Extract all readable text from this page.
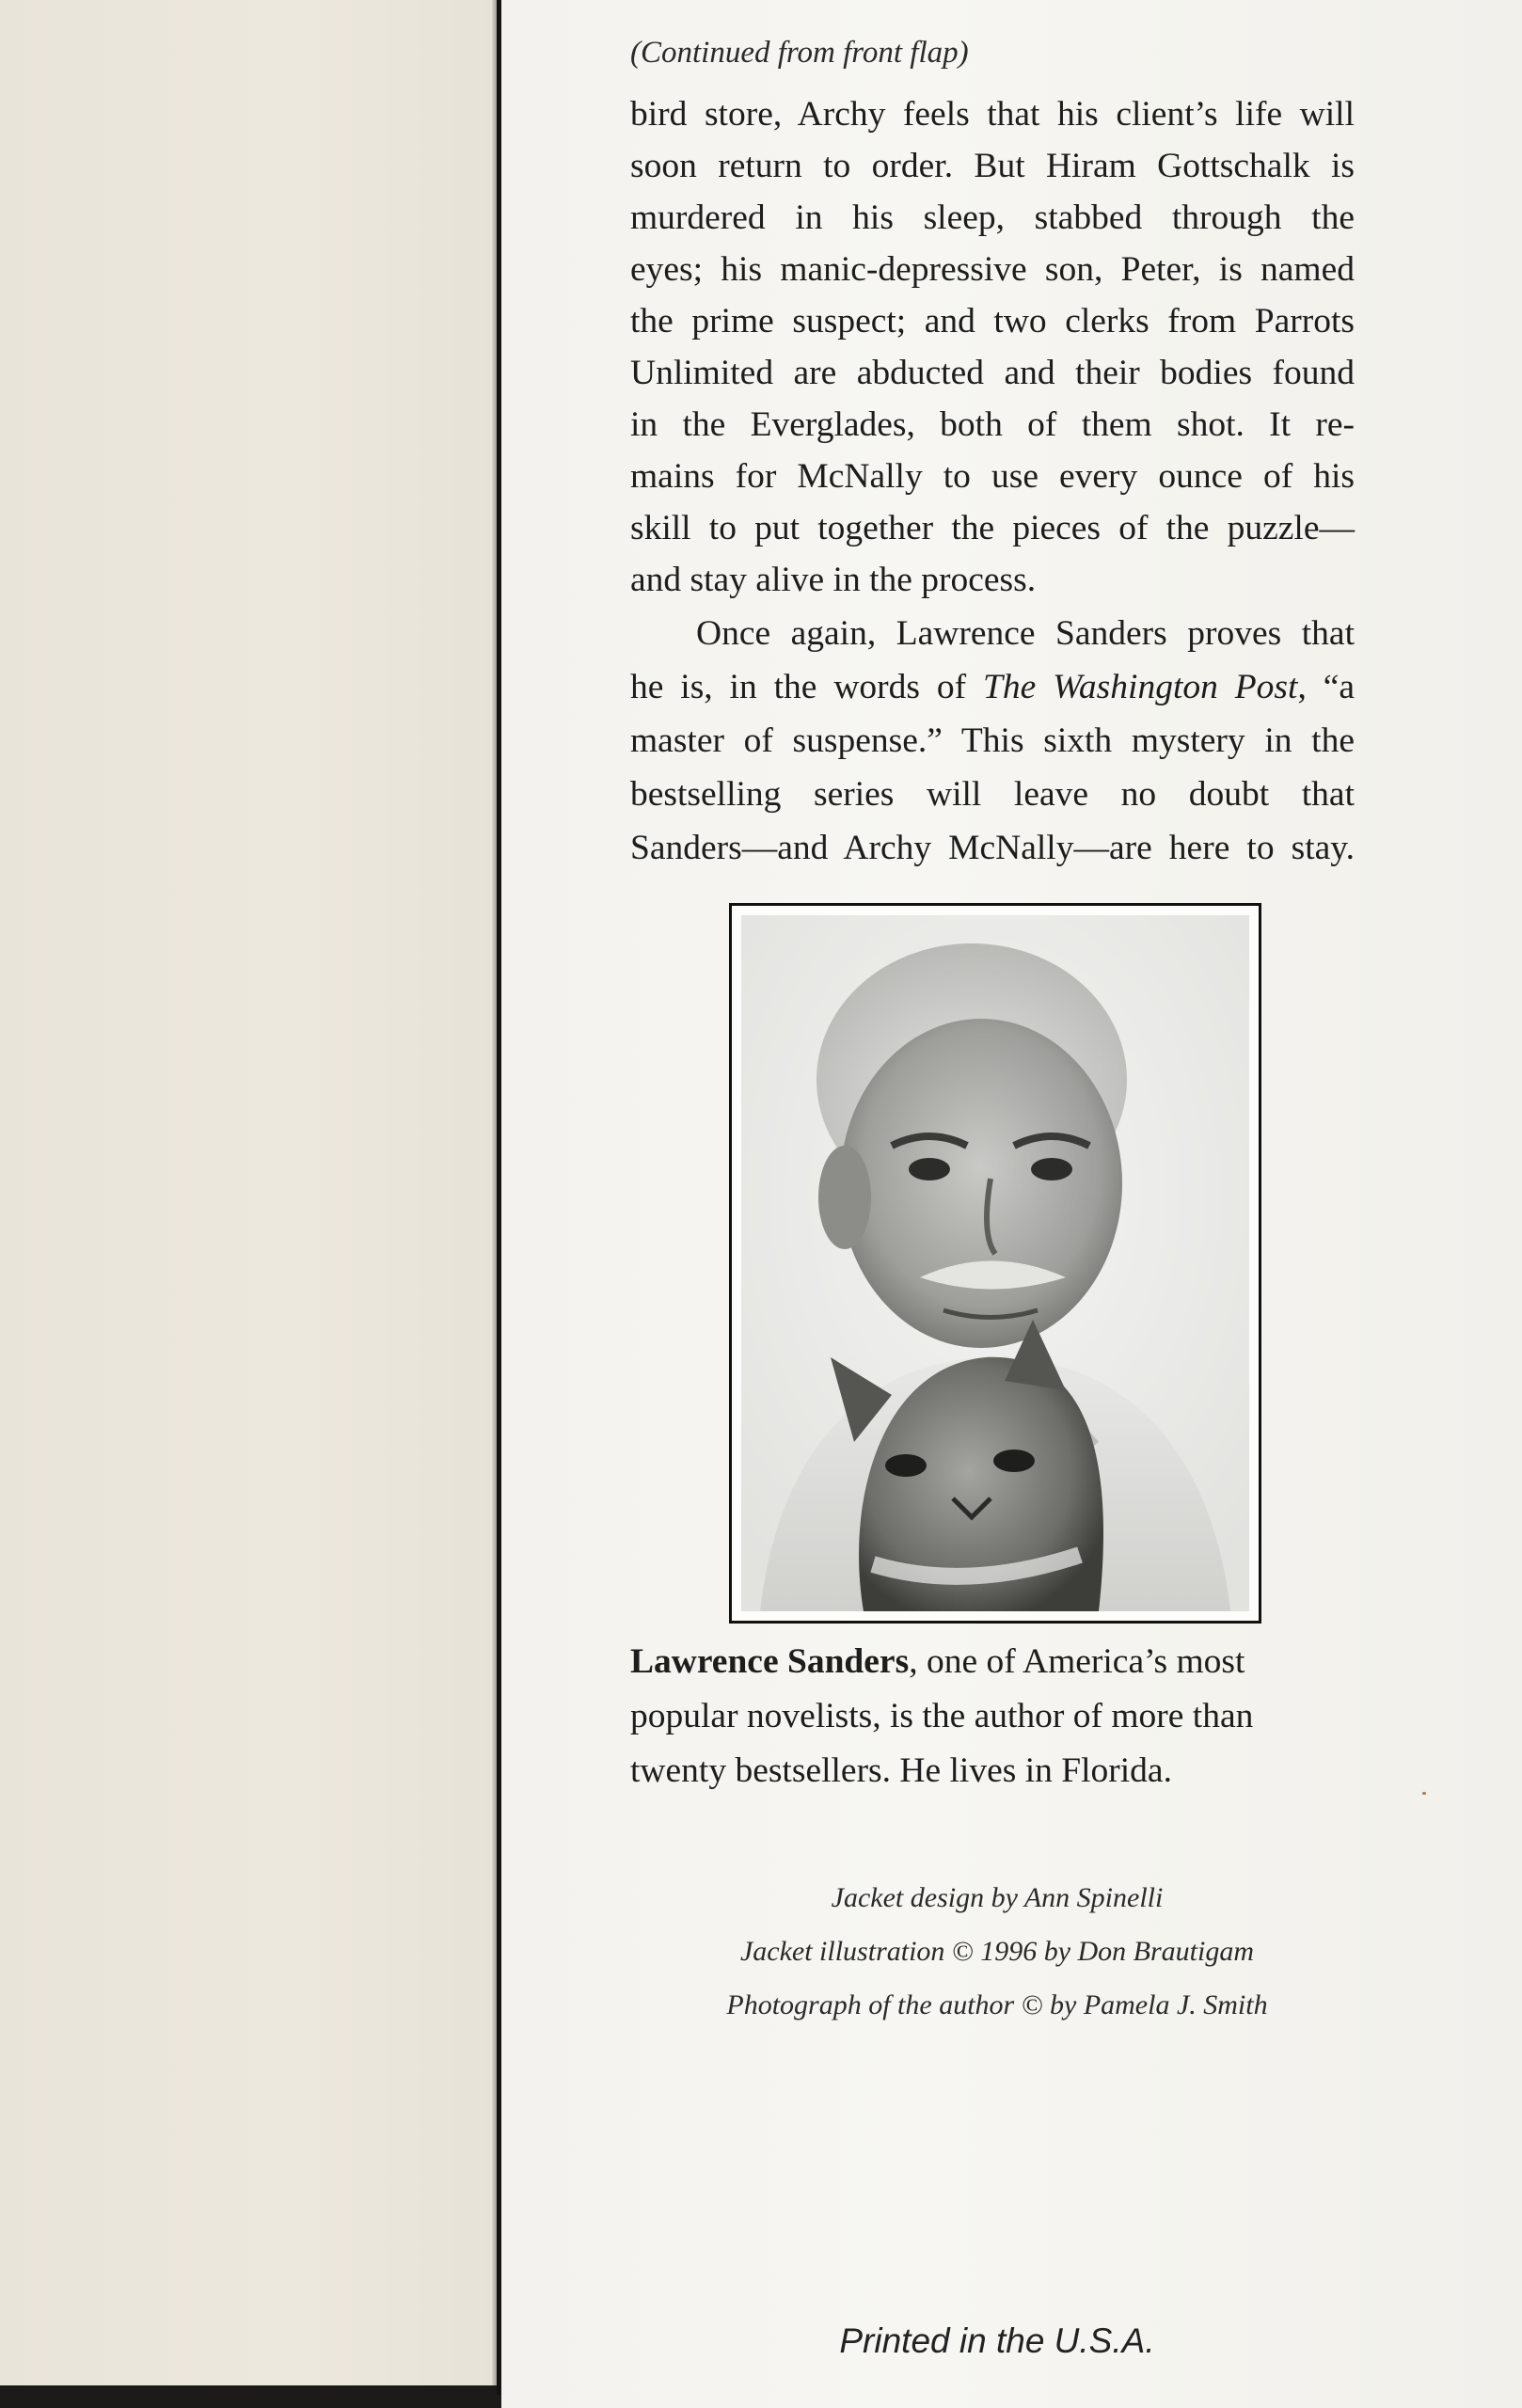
(Continued from front flap)
bird store, Archy feels that his client’s life will
soon return to order. But Hiram Gottschalk is
murdered in his sleep, stabbed through the
eyes; his manic-depressive son, Peter, is named
the prime suspect; and two clerks from Parrots
Unlimited are abducted and their bodies found
in the Everglades, both of them shot. It re-
mains for McNally to use every ounce of his
skill to put together the pieces of the puzzle—
and stay alive in the process.
Once again, Lawrence Sanders proves that
he is, in the words of The Washington Post, “a
master of suspense.” This sixth mystery in the
bestselling series will leave no doubt that
Sanders—and Archy McNally—are here to stay.
Lawrence Sanders, one of America’s most
popular novelists, is the author of more than
twenty bestsellers. He lives in Florida.
Jacket design by Ann Spinelli
Jacket illustration © 1996 by Don Brautigam
Photograph of the author © by Pamela J. Smith
Printed in the U.S.A.
